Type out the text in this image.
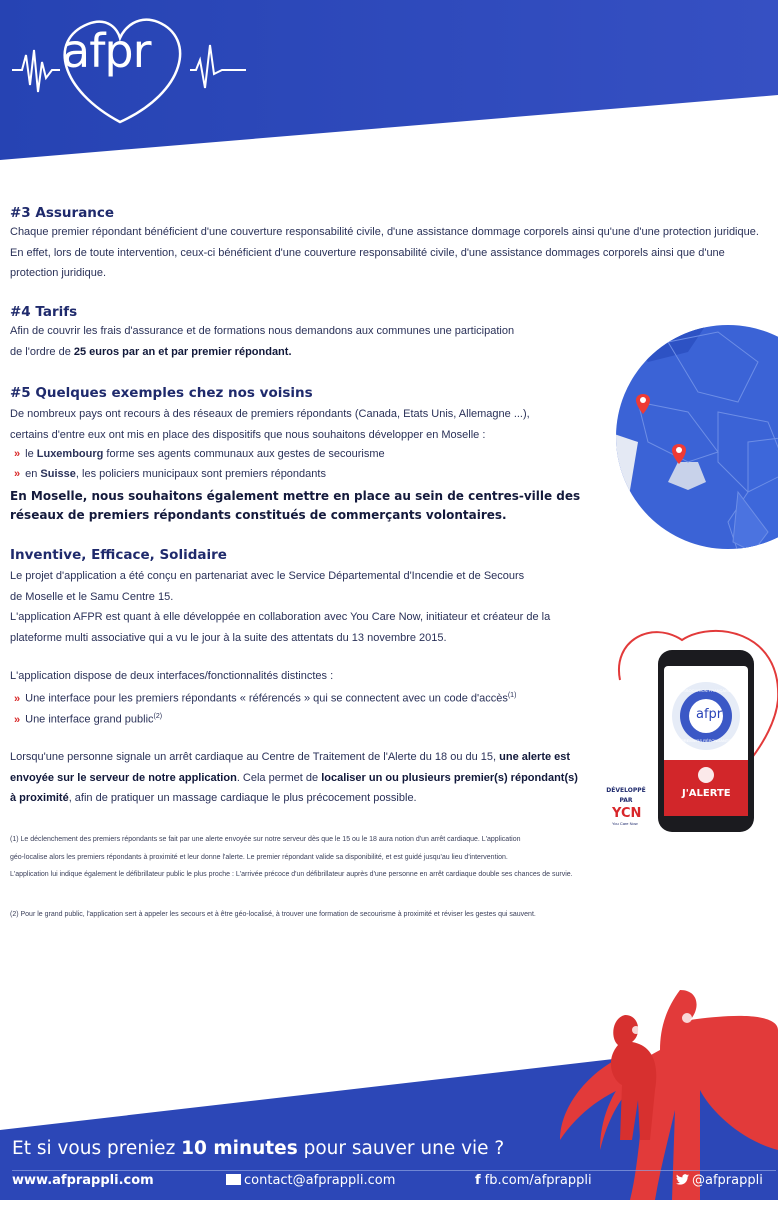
afpr
#3 Assurance

Chaque premier répondant bénéficient d'une couverture responsabilité civile, d'une assistance dommage corporels ainsi qu'une d'une protection juridique. En effet, lors de toute intervention, ceux-ci bénéficient d'une couverture responsabilité civile, d'une assistance dommages corporels ainsi que d'une protection juridique.

#4 Tarifs

Afin de couvrir les frais d'assurance et de formations nous demandons aux communes une participation
de l'ordre de 25 euros par an et par premier répondant.

#5 Quelques exemples chez nos voisins

De nombreux pays ont recours à des réseaux de premiers répondants (Canada, Etats Unis, Allemagne ...),
certains d'entre eux ont mis en place des dispositifs que nous souhaitons développer en Moselle :

» le Luxembourg forme ses agents communaux aux gestes de secourisme

» en Suisse, les policiers municipaux sont premiers répondants

En Moselle, nous souhaitons également mettre en place au sein de centres-ville des
réseaux de premiers répondants constitués de commerçants volontaires.

Inventive, Efficace, Solidaire

Le projet d'application a été conçu en partenariat avec le Service Départemental d'Incendie et de Secours
de Moselle et le Samu Centre 15.
L'application AFPR est quant à elle développée en collaboration avec You Care Now, initiateur et créateur de la
plateforme multi associative qui a vu le jour à la suite des attentats du 13 novembre 2015.

L'application dispose de deux interfaces/fonctionnalités distinctes :

» Une interface pour les premiers répondants « référencés » qui se connectent avec un code d'accès$^{(1)}$

» Une interface grand public$^{(2)}$

Lorsqu'une personne signale un arrêt cardiaque au Centre de Traitement de l'Alerte du 18 ou du 15, une alerte est
envoyée sur le serveur de notre application. Cela permet de localiser un ou plusieurs premier(s) répondant(s)
à proximité, afin de pratiquer un massage cardiaque le plus précocement possible.

(1) Le déclenchement des premiers répondants se fait par une alerte envoyée sur notre serveur dès que le 15 ou le 18 aura notion d'un arrêt cardiaque. L'application
géo-localise alors les premiers répondants à proximité et leur donne l'alerte. Le premier répondant valide sa disponibilité, et est guidé jusqu'au lieu d'intervention.
L'application lui indique également le défibrillateur public le plus proche : L'arrivée précoce d'un défibrillateur auprès d'une personne en arrêt cardiaque double ses chances de survie.

(2) Pour le grand public, l'application sert à appeler les secours et à être géo-localisé, à trouver une formation de secourisme à proximité et réviser les gestes qui sauvent.

afpr
ASSOCIATION FRANÇAISE
PREMIERS RÉPONDANTS
J'ALERTE
DÉVELOPPÉ PAR
YCN
You Care Now
Et si vous preniez 10 minutes pour sauver une vie ?
www.afprappli.com	contact@afprappli.com	f fb.com/afprappli	@afprappli
